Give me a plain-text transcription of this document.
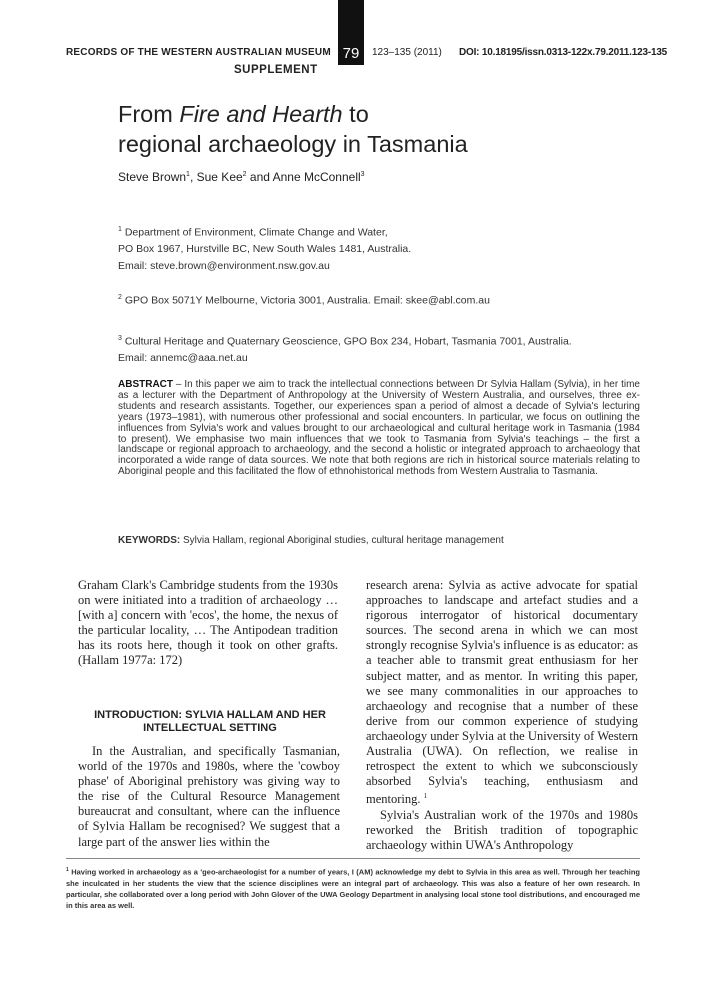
RECORDS OF THE WESTERN AUSTRALIAN MUSEUM
SUPPLEMENT
79	123–135 (2011) DOI: 10.18195/issn.0313-122x.79.2011.123-135
From Fire and Hearth to
regional archaeology in Tasmania
Steve Brown$^1$, Sue Kee$^2$ and Anne McConnell$^3$
$^1$ Department of Environment, Climate Change and Water,
PO Box 1967, Hurstville BC, New South Wales 1481, Australia.
Email: steve.brown@environment.nsw.gov.au
$^2$ GPO Box 5071Y Melbourne, Victoria 3001, Australia. Email: skee@abl.com.au
$^3$ Cultural Heritage and Quaternary Geoscience, GPO Box 234, Hobart, Tasmania 7001, Australia.
Email: annemc@aaa.net.au
ABSTRACT – In this paper we aim to track the intellectual connections between Dr Sylvia Hallam (Sylvia), in her time as a lecturer with the Department of Anthropology at the University of Western Australia, and ourselves, three ex-students and research assistants. Together, our experiences span a period of almost a decade of Sylvia's lecturing years (1973–1981), with numerous other professional and social encounters. In particular, we focus on outlining the influences from Sylvia's work and values brought to our archaeological and cultural heritage work in Tasmania (1984 to present). We emphasise two main influences that we took to Tasmania from Sylvia's teachings – the first a landscape or regional approach to archaeology, and the second a holistic or integrated approach to archaeology that incorporated a wide range of data sources. We note that both regions are rich in historical source materials relating to Aboriginal people and this facilitated the flow of ethnohistorical methods from Western Australia to Tasmania.
KEYWORDS: Sylvia Hallam, regional Aboriginal studies, cultural heritage management
Graham Clark's Cambridge students from the 1930s on were initiated into a tradition of archaeology … [with a] concern with 'ecos', the home, the nexus of the particular locality, … The Antipodean tradition has its roots here, though it took on other grafts. (Hallam 1977a: 172)
INTRODUCTION: SYLVIA HALLAM AND HER INTELLECTUAL SETTING
In the Australian, and specifically Tasmanian, world of the 1970s and 1980s, where the 'cowboy phase' of Aboriginal prehistory was giving way to the rise of the Cultural Resource Management bureaucrat and consultant, where can the influence of Sylvia Hallam be recognised? We suggest that a large part of the answer lies within the

research arena: Sylvia as active advocate for spatial approaches to landscape and artefact studies and a rigorous interrogator of historical documentary sources. The second arena in which we can most strongly recognise Sylvia's influence is as educator: as a teacher able to transmit great enthusiasm for her subject matter, and as mentor. In writing this paper, we see many commonalities in our approaches to archaeology and recognise that a number of these derive from our common experience of studying archaeology under Sylvia at the University of Western Australia (UWA). On reflection, we realise in retrospect the extent to which we subconsciously absorbed Sylvia's teaching, enthusiasm and mentoring. $^1$

Sylvia's Australian work of the 1970s and 1980s reworked the British tradition of topographic archaeology within UWA's Anthropology

$^1$ Having worked in archaeology as a 'geo-archaeologist for a number of years, I (AM) acknowledge my debt to Sylvia in this area as well. Through her teaching she inculcated in her students the view that the science disciplines were an integral part of archaeology. This was also a feature of her own research. In particular, she collaborated over a long period with John Glover of the UWA Geology Department in analysing local stone tool distributions, and encouraged me in this area as well.
